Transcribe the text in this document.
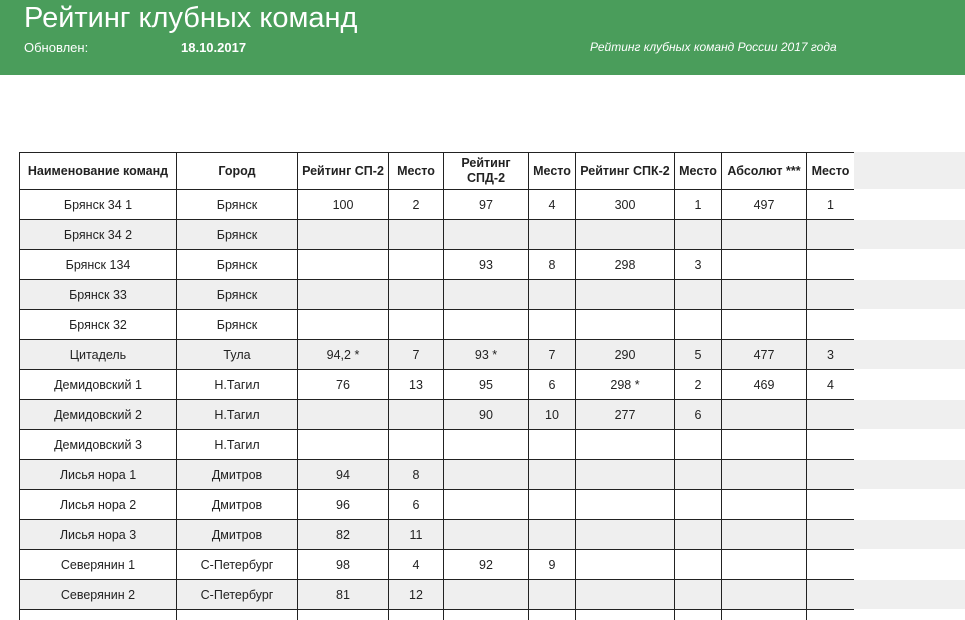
Рейтинг клубных команд
Обновлен:	18.10.2017	Рейтинг клубных команд России 2017 года
Наименование команд	Город	Рейтинг СП-2	Место	Рейтинг СПД-2	Место	Рейтинг СПК-2	Место	Абсолют ***	Место
Брянск 34 1	Брянск	100	2	97	4	300	1	497	1
Брянск 34 2	Брянск								
Брянск 134	Брянск			93	8	298	3		
Брянск 33	Брянск								
Брянск 32	Брянск								
Цитадель	Тула	94,2 *	7	93 *	7	290	5	477	3
Демидовский 1	Н.Тагил	76	13	95	6	298 *	2	469	4
Демидовский 2	Н.Тагил			90	10	277	6		
Демидовский 3	Н.Тагил								
Лисья нора 1	Дмитров	94	8						
Лисья нора 2	Дмитров	96	6						
Лисья нора 3	Дмитров	82	11						
Северянин 1	С-Петербург	98	4	92	9				
Северянин 2	С-Петербург	81	12						
